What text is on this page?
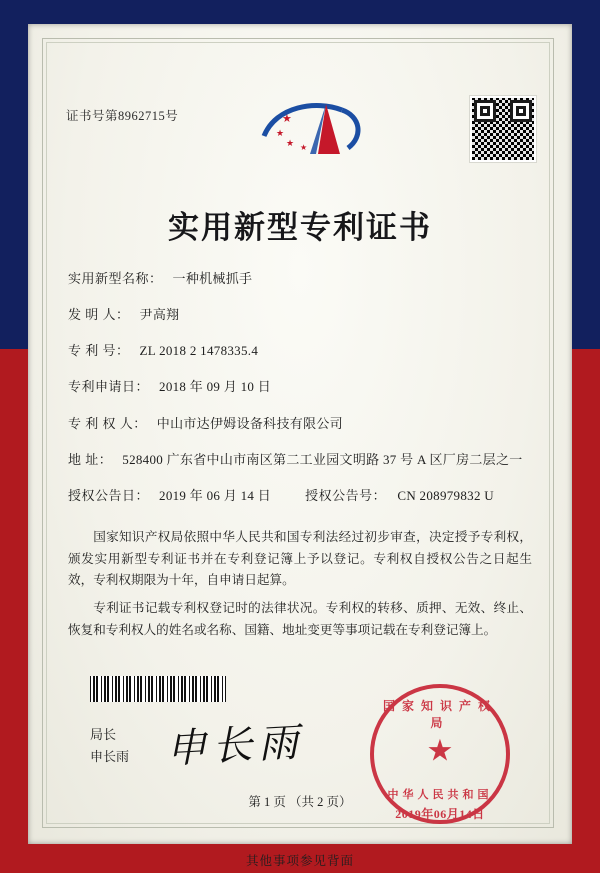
证书号第8962715号	★
★
★ ★
实用新型专利证书
实用新型名称： 一种机械抓手
发 明 人： 尹高翔
专 利 号： ZL 2018 2 1478335.4
专利申请日： 2018 年 09 月 10 日
专 利 权 人： 中山市达伊姆设备科技有限公司
地 址： 528400 广东省中山市南区第二工业园文明路 37 号 A 区厂房二层之一
授权公告日： 2019 年 06 月 14 日	授权公告号： CN 208979832 U

国家知识产权局依照中华人民共和国专利法经过初步审查，决定授予专利权，颁发实用新型专利证书并在专利登记簿上予以登记。专利权自授权公告之日起生效，专利权期限为十年，自申请日起算。

专利证书记载专利权登记时的法律状况。专利权的转移、质押、无效、终止、恢复和专利权人的姓名或名称、国籍、地址变更等事项记载在专利登记簿上。

局长
申长雨 申长雨
国家知识产权局
★
中华人民共和国
2019年06月14日
第 1 页 （共 2 页）
其他事项参见背面
